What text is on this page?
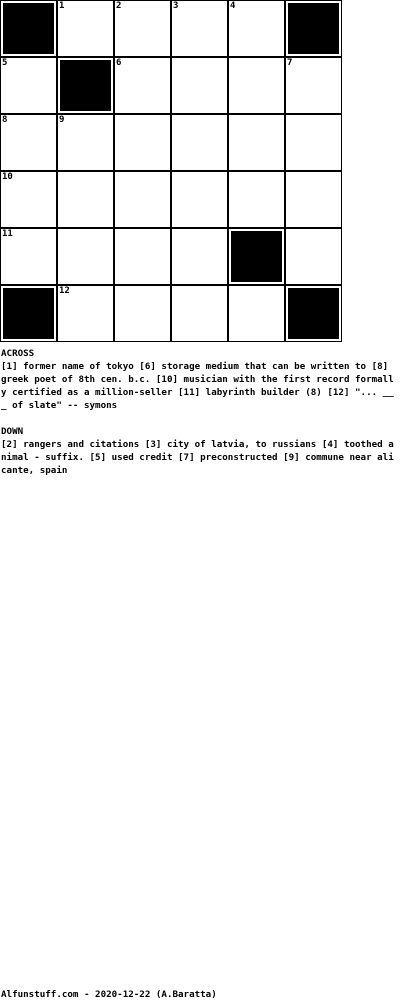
1	2	3	4
5	6	7
8	9
10
11
12
ACROSS
[1] former name of tokyo [6] storage medium that can be written to [8] greek poet of 8th cen. b.c. [10] musician with the first record formally certified as a million-seller [11] labyrinth builder (8) [12] "... ___ of slate" -- symons
DOWN
[2] rangers and citations [3] city of latvia, to russians [4] toothed animal - suffix. [5] used credit [7] preconstructed [9] commune near alicante, spain
Alfunstuff.com - 2020-12-22 (A.Baratta)
